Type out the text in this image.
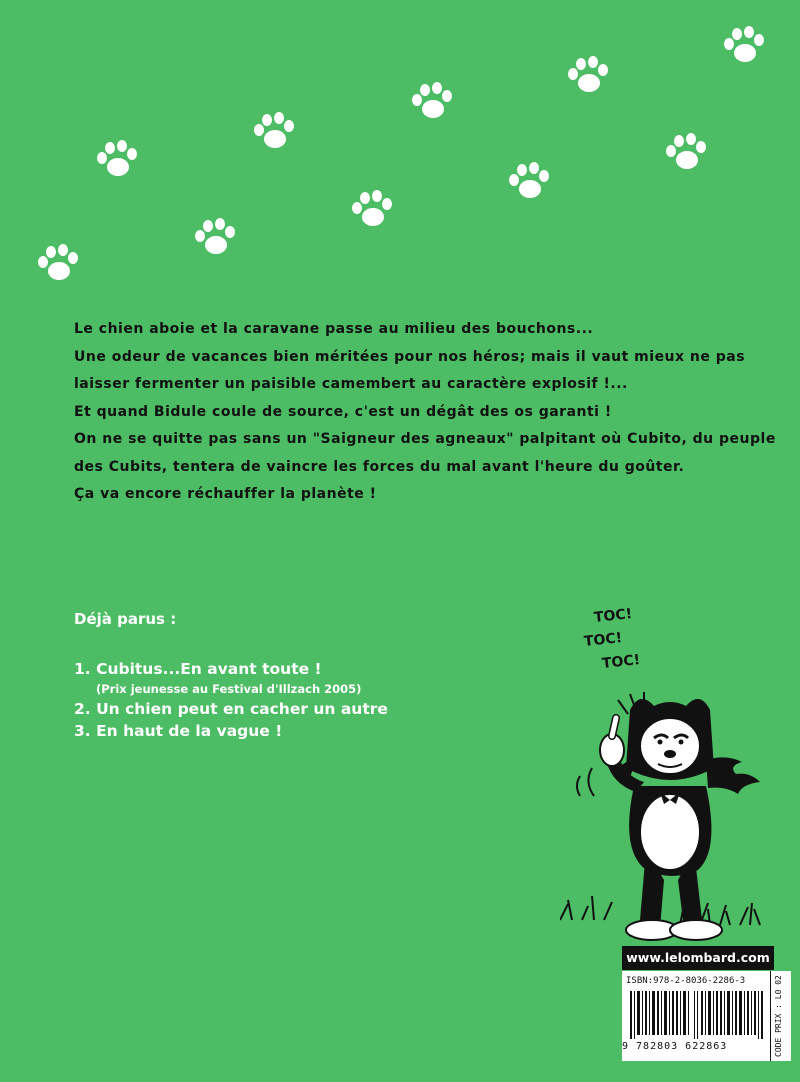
Le chien aboie et la caravane passe au milieu des bouchons...
Une odeur de vacances bien méritées pour nos héros; mais il vaut mieux ne pas
laisser fermenter un paisible camembert au caractère explosif !...
Et quand Bidule coule de source, c'est un dégât des os garanti !
On ne se quitte pas sans un "Saigneur des agneaux" palpitant où Cubito, du peuple
des Cubits, tentera de vaincre les forces du mal avant l'heure du goûter.
Ça va encore réchauffer la planète !
Déjà parus :
1. Cubitus...En avant toute !
(Prix jeunesse au Festival d'Illzach 2005)
2. Un chien peut en cacher un autre
3. En haut de la vague !
TOC!
TOC!
TOC!
www.lelombard.com
ISBN:978-2-8036-2286-3
9 782803 622863	CODE PRIX : L0 02
